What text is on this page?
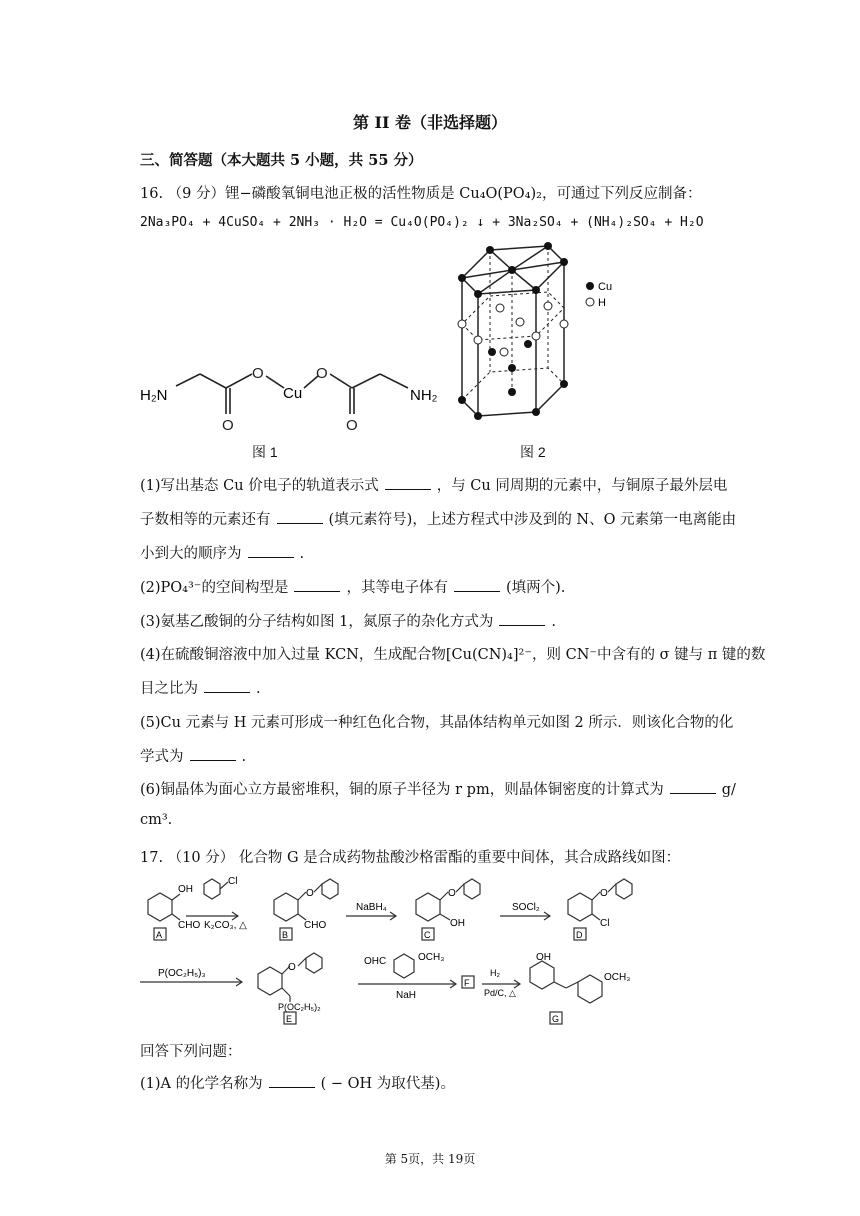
第 II 卷（非选择题）
三、简答题（本大题共 5 小题，共 55 分）
16. （9 分）锂−磷酸氧铜电池正极的活性物质是 Cu₄O(PO₄)₂，可通过下列反应制备：
2Na₃PO₄ + 4CuSO₄ + 2NH₃ · H₂O = Cu₄O(PO₄)₂ ↓ + 3Na₂SO₄ + (NH₄)₂SO₄ + H₂O
H₂N
O
Cu
O
O	O
NH₂
图 1
Cu
H
图 2
(1)写出基态 Cu 价电子的轨道表示式	，与 Cu 同周期的元素中，与铜原子最外层电
子数相等的元素还有	(填元素符号)，上述方程式中涉及到的 N、O 元素第一电离能由
小到大的顺序为	.
(2)PO₄³⁻的空间构型是	，其等电子体有	(填两个).
(3)氨基乙酸铜的分子结构如图 1，氮原子的杂化方式为	.
(4)在硫酸铜溶液中加入过量 KCN，生成配合物[Cu(CN)₄]²⁻，则 CN⁻中含有的 σ 键与 π 键的数
目之比为	.
(5)Cu 元素与 H 元素可形成一种红色化合物，其晶体结构单元如图 2 所示．则该化合物的化
学式为	.
(6)铜晶体为面心立方最密堆积，铜的原子半径为 r pm，则晶体铜密度的计算式为	g/
cm³.
17. （10 分） 化合物 G 是合成药物盐酸沙格雷酯的重要中间体，其合成路线如图：
OH
CHO
Cl
K₂CO₃, △
O
CHO
NaBH₄
O
OH
SOCl₂
O
Cl
A	B	C	D
P(OC₂H₅)₃
O
P(OC₂H₅)₂
OHC	OCH₃
NaH
F
H₂
Pd/C, △
OH
OCH₃
E	G
回答下列问题：
(1)A 的化学名称为	( − OH 为取代基)。
第 5页，共 19页
